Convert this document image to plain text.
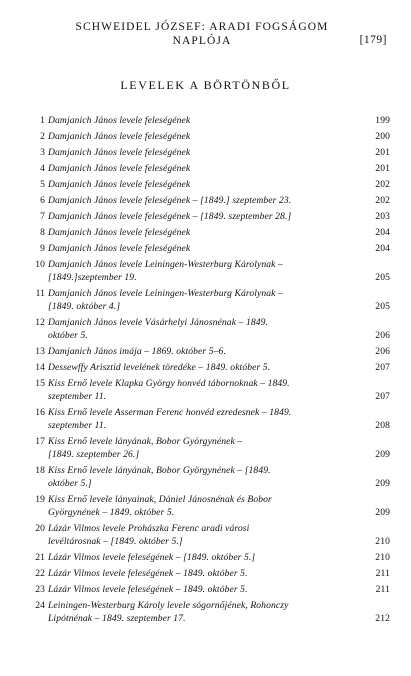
SCHWEIDEL JÓZSEF: ARADI FOGSÁGOM
NAPLÓJA	[179]
LEVELEK A BÖRTÖNBŐL
1 Damjanich János levele feleségének	199
2 Damjanich János levele feleségének	200
3 Damjanich János levele feleségének	201
4 Damjanich János levele feleségének	201
5 Damjanich János levele feleségének	202
6 Damjanich János levele feleségének – [1849.] szeptember 23.	202
7 Damjanich János levele feleségének – [1849. szeptember 28.]	203
8 Damjanich János levele feleségének	204
9 Damjanich János levele feleségének	204
10 Damjanich János levele Leiningen-Westerburg Károlynak –
[1849.]szeptember 19.	205
11 Damjanich János levele Leiningen-Westerburg Károlynak –
[1849. október 4.]	205
12 Damjanich János levele Vásárhelyi Jánosnénak – 1849.
október 5.	206
13 Damjanich János imája – 1869. október 5–6.	206
14 Dessewffy Arisztid levelének töredéke – 1849. október 5.	207
15 Kiss Ernő levele Klapka György honvéd tábornoknak – 1849.
szeptember 11.	207
16 Kiss Ernő levele Asserman Ferenc honvéd ezredesnek – 1849.
szeptember 11.	208
17 Kiss Ernő levele lányának, Bobor Györgynének –
[1849. szeptember 26.]	209
18 Kiss Ernő levele lányának, Bobor Györgynének – [1849.
október 5.]	209
19 Kiss Ernő levele lányainak, Dániel Jánosnénak és Bobor
Györgynének – 1849. október 5.	209
20 Lázár Vilmos levele Prohászka Ferenc aradi városi
levéltárosnak – [1849. október 5.]	210
21 Lázár Vilmos levele feleségének – [1849. október 5.]	210
22 Lázár Vilmos levele feleségének – 1849. október 5.	211
23 Lázár Vilmos levele feleségének – 1849. október 5.	211
24 Leiningen-Westerburg Károly levele sógornőjének, Rohonczy
Lipótnénak – 1849. szeptember 17.	212
